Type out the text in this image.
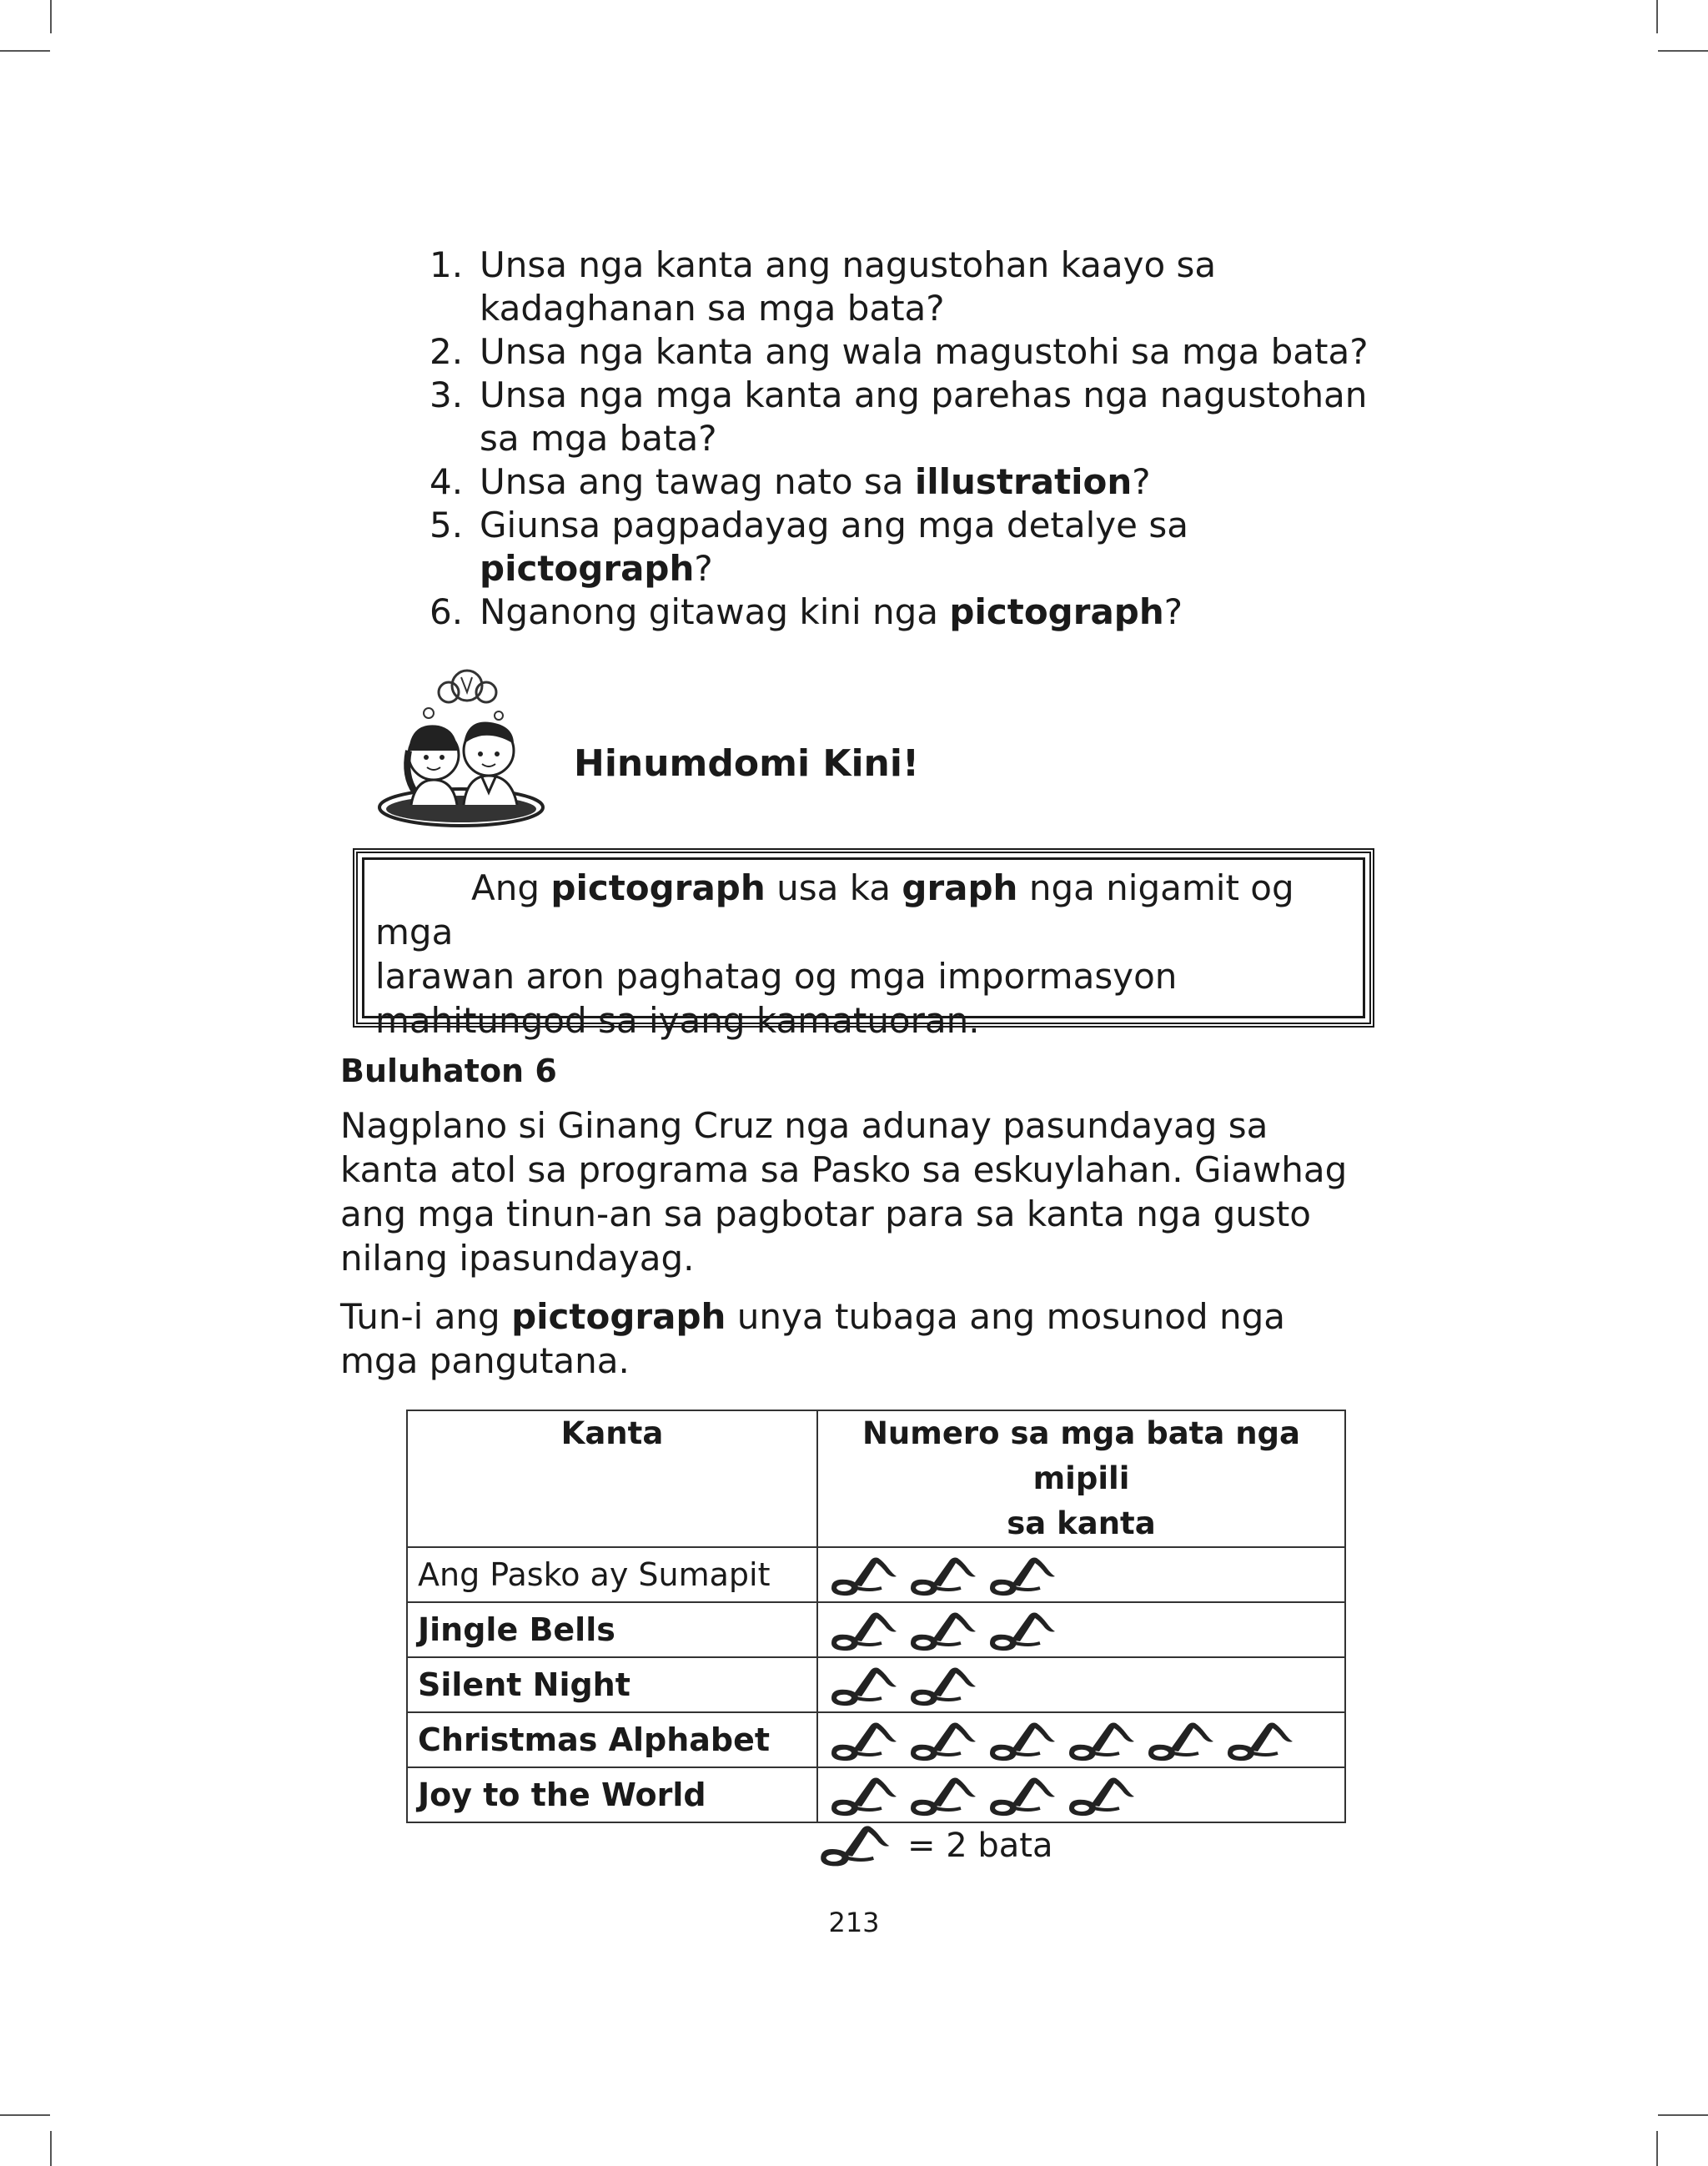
1. Unsa nga kanta ang nagustohan kaayo sa
kadaghanan sa mga bata?
2. Unsa nga kanta ang wala magustohi sa mga bata?
3. Unsa nga mga kanta ang parehas nga nagustohan
sa mga bata?
4. Unsa ang tawag nato sa illustration?
5. Giunsa pagpadayag ang mga detalye sa
pictograph?
6. Nganong gitawag kini nga pictograph?
Hinumdomi Kini!
Ang pictograph usa ka graph nga nigamit og mga
larawan aron paghatag og mga impormasyon
mahitungod sa iyang kamatuoran.
Buluhaton 6
Nagplano si Ginang Cruz nga adunay pasundayag sa
kanta atol sa programa sa Pasko sa eskuylahan. Giawhag
ang mga tinun-an sa pagbotar para sa kanta nga gusto
nilang ipasundayag.
Tun-i ang pictograph unya tubaga ang mosunod nga
mga pangutana.
Kanta	Numero sa mga bata nga mipili
sa kanta
Ang Pasko ay Sumapit	

Jingle Bells	

Silent Night	

Christmas Alphabet	

Joy to the World	
= 2 bata
213
